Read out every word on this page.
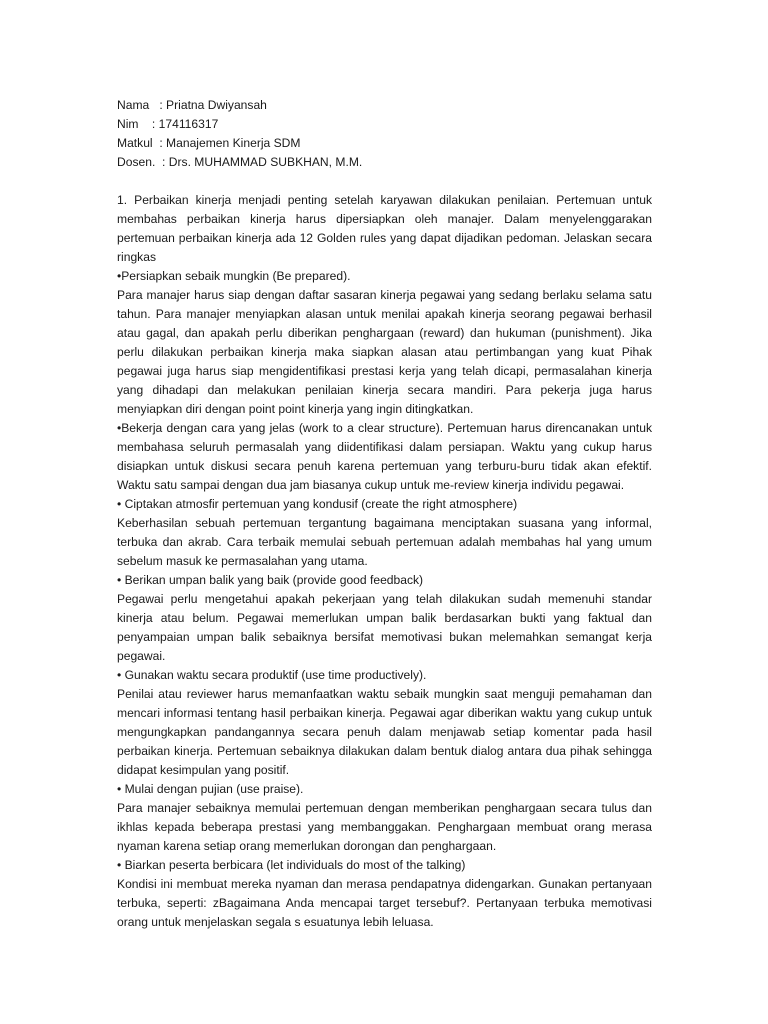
Nama   : Priatna Dwiyansah
Nim    : 174116317
Matkul  : Manajemen Kinerja SDM
Dosen.  : Drs. MUHAMMAD SUBKHAN, M.M.

1. Perbaikan kinerja menjadi penting setelah karyawan dilakukan penilaian. Pertemuan untuk membahas perbaikan kinerja harus dipersiapkan oleh manajer. Dalam menyelenggarakan pertemuan perbaikan kinerja ada 12 Golden rules yang dapat dijadikan pedoman. Jelaskan secara ringkas

•Persiapkan sebaik mungkin (Be prepared).

Para manajer harus siap dengan daftar sasaran kinerja pegawai yang sedang berlaku selama satu tahun. Para manajer menyiapkan alasan untuk menilai apakah kinerja seorang pegawai berhasil atau gagal, dan apakah perlu diberikan penghargaan (reward) dan hukuman (punishment). Jika perlu dilakukan perbaikan kinerja maka siapkan alasan atau pertimbangan yang kuat Pihak pegawai juga harus siap mengidentifikasi prestasi kerja yang telah dicapi, permasalahan kinerja yang dihadapi dan melakukan penilaian kinerja secara mandiri. Para pekerja juga harus menyiapkan diri dengan point point kinerja yang ingin ditingkatkan.

•Bekerja dengan cara yang jelas (work to a clear structure). Pertemuan harus direncanakan untuk membahasa seluruh permasalah yang diidentifikasi dalam persiapan. Waktu yang cukup harus disiapkan untuk diskusi secara penuh karena pertemuan yang terburu-buru tidak akan efektif. Waktu satu sampai dengan dua jam biasanya cukup untuk me-review kinerja individu pegawai.

• Ciptakan atmosfir pertemuan yang kondusif (create the right atmosphere)

Keberhasilan sebuah pertemuan tergantung bagaimana menciptakan suasana yang informal, terbuka dan akrab. Cara terbaik memulai sebuah pertemuan adalah membahas hal yang umum sebelum masuk ke permasalahan yang utama.

• Berikan umpan balik yang baik (provide good feedback)

Pegawai perlu mengetahui apakah pekerjaan yang telah dilakukan sudah memenuhi standar kinerja atau belum. Pegawai memerlukan umpan balik berdasarkan bukti yang faktual dan penyampaian umpan balik sebaiknya bersifat memotivasi bukan melemahkan semangat kerja pegawai.

• Gunakan waktu secara produktif (use time productively).

Penilai atau reviewer harus memanfaatkan waktu sebaik mungkin saat menguji pemahaman dan mencari informasi tentang hasil perbaikan kinerja. Pegawai agar diberikan waktu yang cukup untuk mengungkapkan pandangannya secara penuh dalam menjawab setiap komentar pada hasil perbaikan kinerja. Pertemuan sebaiknya dilakukan dalam bentuk dialog antara dua pihak sehingga didapat kesimpulan yang positif.

• Mulai dengan pujian (use praise).

Para manajer sebaiknya memulai pertemuan dengan memberikan penghargaan secara tulus dan ikhlas kepada beberapa prestasi yang membanggakan. Penghargaan membuat orang merasa nyaman karena setiap orang memerlukan dorongan dan penghargaan.

• Biarkan peserta berbicara (let individuals do most of the talking)

Kondisi ini membuat mereka nyaman dan merasa pendapatnya didengarkan. Gunakan pertanyaan terbuka, seperti: zBagaimana Anda mencapai target tersebuf?. Pertanyaan terbuka memotivasi orang untuk menjelaskan segala s esuatunya lebih leluasa.
